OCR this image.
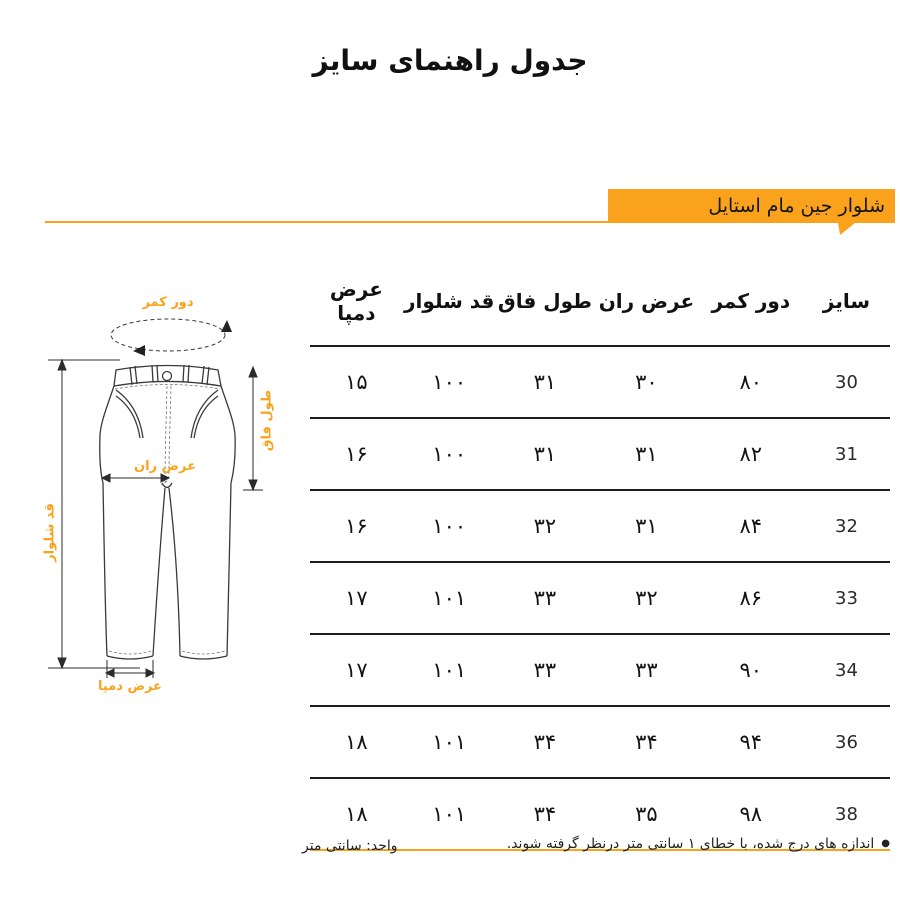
جدول راهنمای سایز
شلوار جین مام استایل
سایز	دور کمر	عرض ران	طول فاق	قد شلوار	عرض دمپا
30	۸۰	۳۰	۳۱	۱۰۰	۱۵
31	۸۲	۳۱	۳۱	۱۰۰	۱۶
32	۸۴	۳۱	۳۲	۱۰۰	۱۶
33	۸۶	۳۲	۳۳	۱۰۱	۱۷
34	۹۰	۳۳	۳۳	۱۰۱	۱۷
36	۹۴	۳۴	۳۴	۱۰۱	۱۸
38	۹۸	۳۵	۳۴	۱۰۱	۱۸
دور کمر
طول فاق
عرض ران
قد شلوار
عرض دمپا
●
اندازه های درج شده، با خطای ۱ سانتی متر درنظر گرفته شوند.
واحد: سانتی متر
